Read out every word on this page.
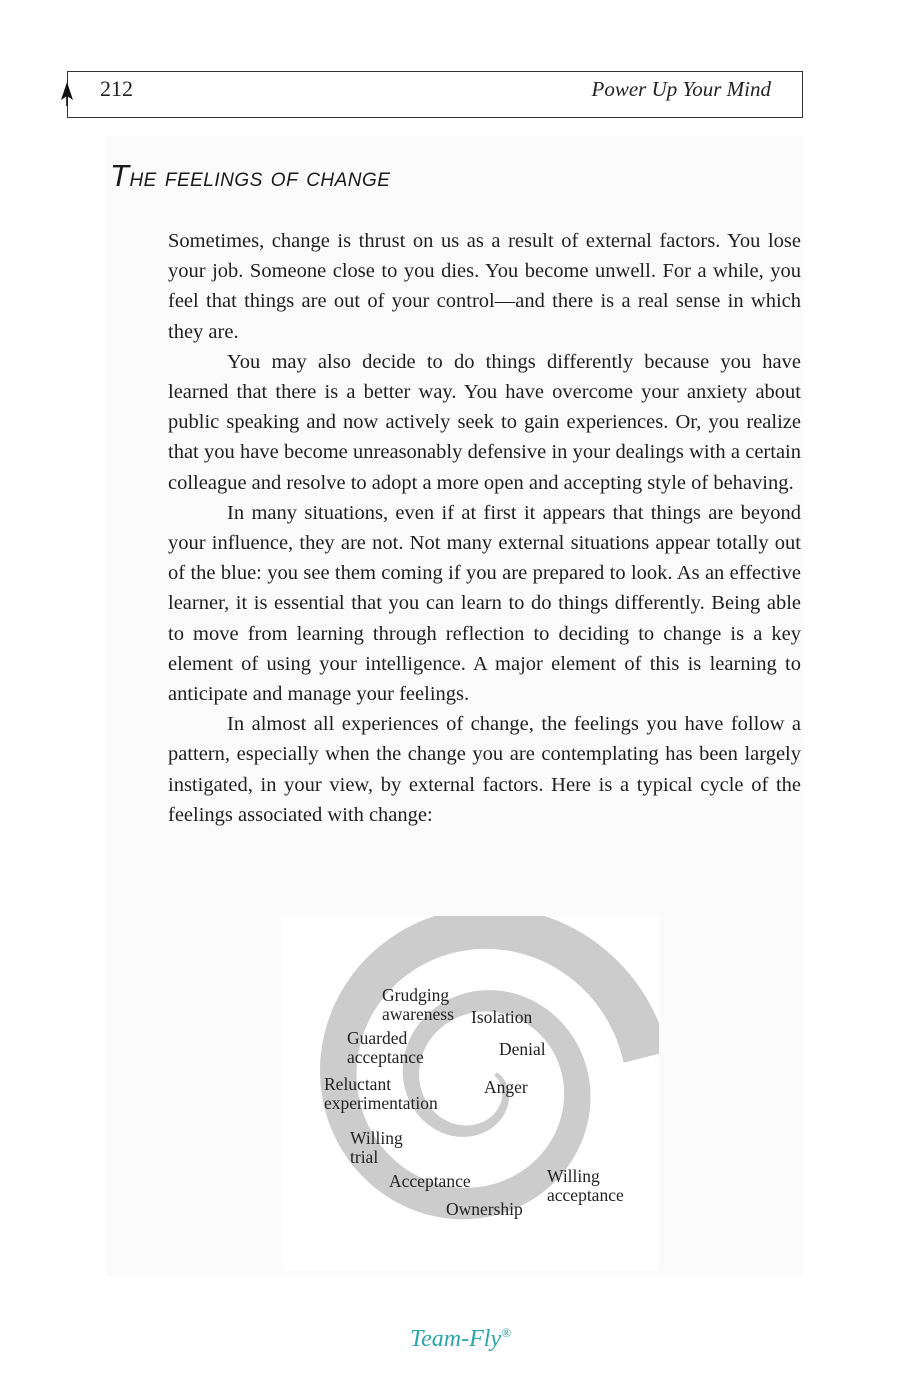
212	Power Up Your Mind
The feelings of change

Sometimes, change is thrust on us as a result of external factors. You lose your job. Someone close to you dies. You become unwell. For a while, you feel that things are out of your control—and there is a real sense in which they are.

You may also decide to do things differently because you have learned that there is a better way. You have overcome your anxiety about public speaking and now actively seek to gain experiences. Or, you realize that you have become unreasonably defensive in your dealings with a certain colleague and resolve to adopt a more open and accepting style of behaving.

In many situations, even if at first it appears that things are beyond your influence, they are not. Not many external situations appear totally out of the blue: you see them coming if you are prepared to look. As an effective learner, it is essential that you can learn to do things differently. Being able to move from learning through reflection to deciding to change is a key element of using your intelligence. A major element of this is learning to anticipate and manage your feelings.

In almost all experiences of change, the feelings you have follow a pattern, especially when the change you are contemplating has been largely instigated, in your view, by external factors. Here is a typical cycle of the feelings associated with change:

Grudging
awareness Isolation
Guarded
acceptance	Denial
Reluctant
experimentation
Anger
Willing
trial
Acceptance	Willing
acceptance
Ownership
Team-Fly®
